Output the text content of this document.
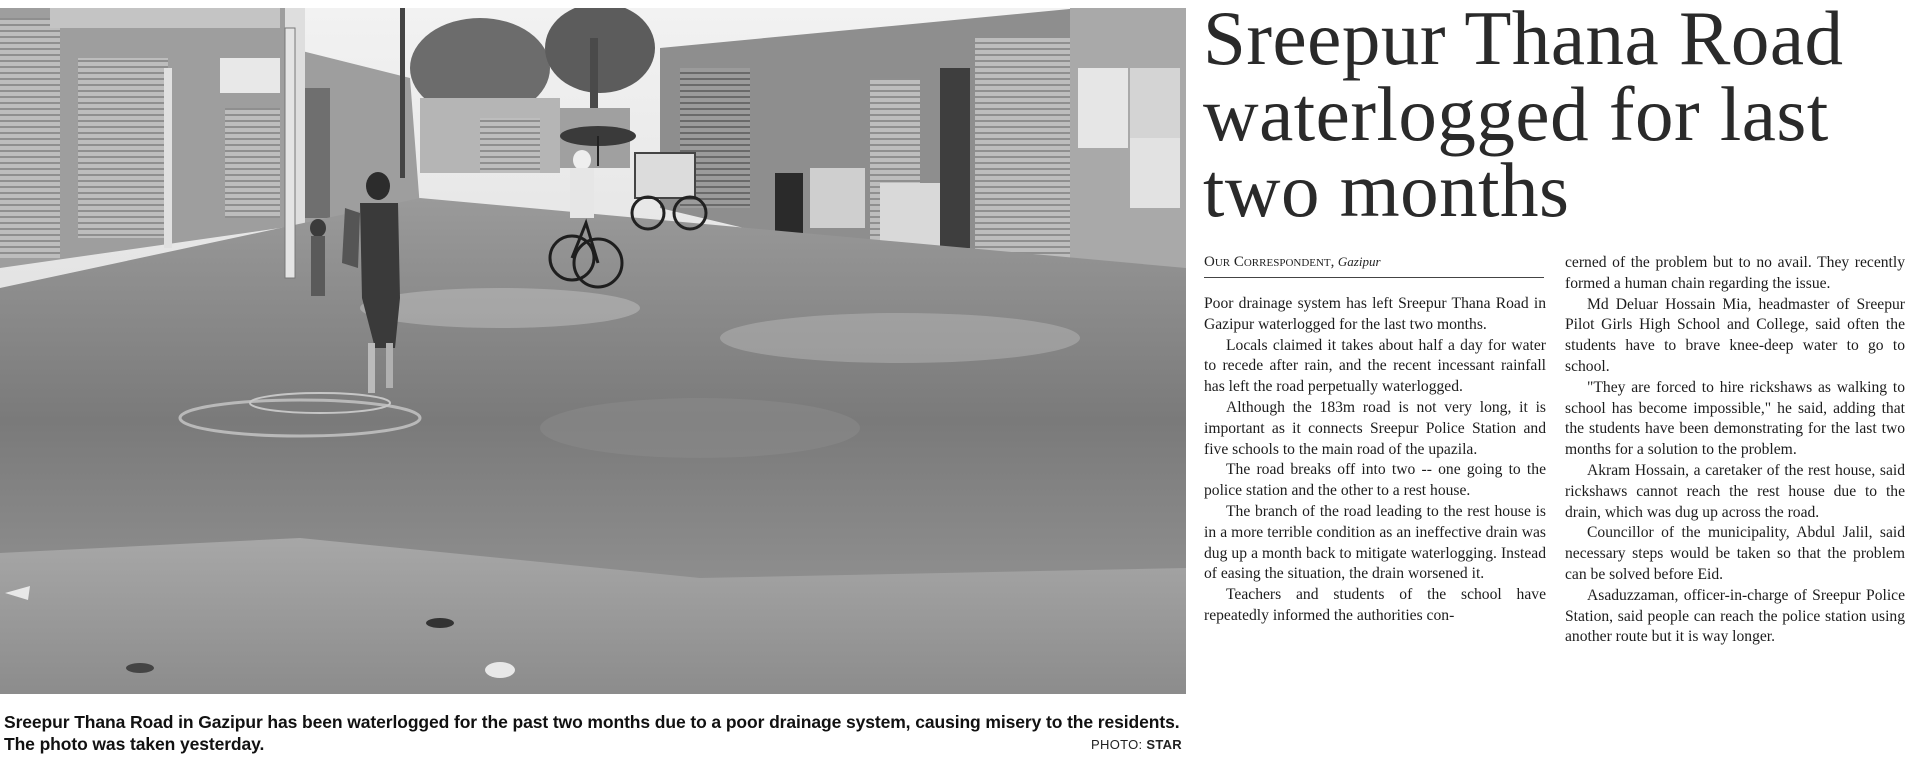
Sreepur Thana Road in Gazipur has been waterlogged for the past two months due to a poor drainage system, causing misery to the residents.
The photo was taken yesterday.	PHOTO: STAR
Sreepur Thana Road
waterlogged for last
two months
Our Correspondent, Gazipur

Poor drainage system has left Sreepur Thana Road in Gazipur waterlogged for the last two months.

Locals claimed it takes about half a day for water to recede after rain, and the recent incessant rainfall has left the road perpetually waterlogged.

Although the 183m road is not very long, it is important as it connects Sreepur Police Station and five schools to the main road of the upazila.

The road breaks off into two -- one going to the police station and the other to a rest house.

The branch of the road leading to the rest house is in a more terrible condition as an ineffective drain was dug up a month back to mitigate waterlogging. Instead of easing the situation, the drain worsened it.

Teachers and students of the school have repeatedly informed the authorities con-

cerned of the problem but to no avail. They recently formed a human chain regarding the issue.

Md Deluar Hossain Mia, headmaster of Sreepur Pilot Girls High School and College, said often the students have to brave knee-deep water to go to school.

"They are forced to hire rickshaws as walking to school has become impossible," he said, adding that the students have been demonstrating for the last two months for a solution to the problem.

Akram Hossain, a caretaker of the rest house, said rickshaws cannot reach the rest house due to the drain, which was dug up across the road.

Councillor of the municipality, Abdul Jalil, said necessary steps would be taken so that the problem can be solved before Eid.

Asaduzzaman, officer-in-charge of Sreepur Police Station, said people can reach the police station using another route but it is way longer.
